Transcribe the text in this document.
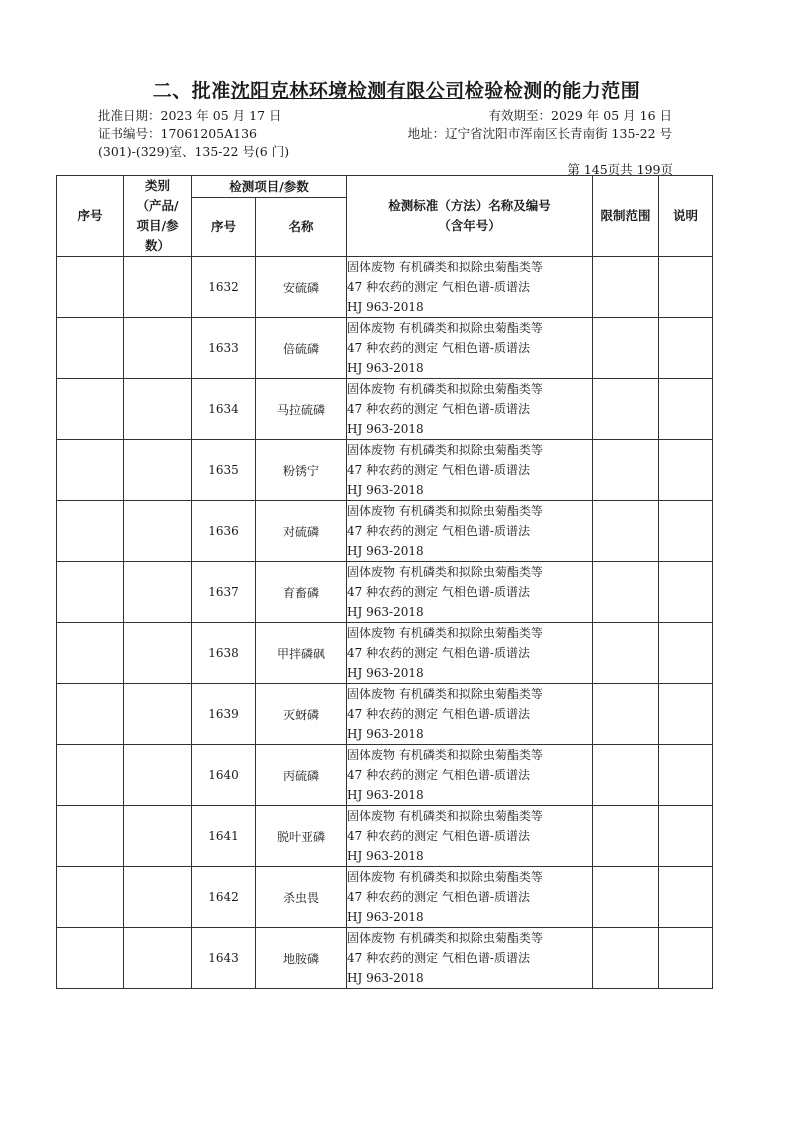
二、批准沈阳克林环境检测有限公司检验检测的能力范围
批准日期：2023 年 05 月 17 日	有效期至：2029 年 05 月 16 日
证书编号：17061205A136	地址：辽宁省沈阳市浑南区长青南街 135-22 号
(301)-(329)室、135-22 号(6 门)
第 145页共 199页
序号	类别（产品/项目/参数）	检测项目/参数		检测标准（方法）名称及编号（含年号）	限制范围	说明
		序号	名称			
		1632	安硫磷	固体废物 有机磷类和拟除虫菊酯类等
47 种农药的测定 气相色谱-质谱法
HJ 963-2018		

		1633	倍硫磷	固体废物 有机磷类和拟除虫菊酯类等
47 种农药的测定 气相色谱-质谱法
HJ 963-2018		

		1634	马拉硫磷	固体废物 有机磷类和拟除虫菊酯类等
47 种农药的测定 气相色谱-质谱法
HJ 963-2018		

		1635	粉锈宁	固体废物 有机磷类和拟除虫菊酯类等
47 种农药的测定 气相色谱-质谱法
HJ 963-2018		

		1636	对硫磷	固体废物 有机磷类和拟除虫菊酯类等
47 种农药的测定 气相色谱-质谱法
HJ 963-2018		

		1637	育畜磷	固体废物 有机磷类和拟除虫菊酯类等
47 种农药的测定 气相色谱-质谱法
HJ 963-2018		

		1638	甲拌磷砜	固体废物 有机磷类和拟除虫菊酯类等
47 种农药的测定 气相色谱-质谱法
HJ 963-2018		

		1639	灭蚜磷	固体废物 有机磷类和拟除虫菊酯类等
47 种农药的测定 气相色谱-质谱法
HJ 963-2018		

		1640	丙硫磷	固体废物 有机磷类和拟除虫菊酯类等
47 种农药的测定 气相色谱-质谱法
HJ 963-2018		

		1641	脱叶亚磷	固体废物 有机磷类和拟除虫菊酯类等
47 种农药的测定 气相色谱-质谱法
HJ 963-2018		

		1642	杀虫畏	固体废物 有机磷类和拟除虫菊酯类等
47 种农药的测定 气相色谱-质谱法
HJ 963-2018		

		1643	地胺磷	固体废物 有机磷类和拟除虫菊酯类等
47 种农药的测定 气相色谱-质谱法
HJ 963-2018		
